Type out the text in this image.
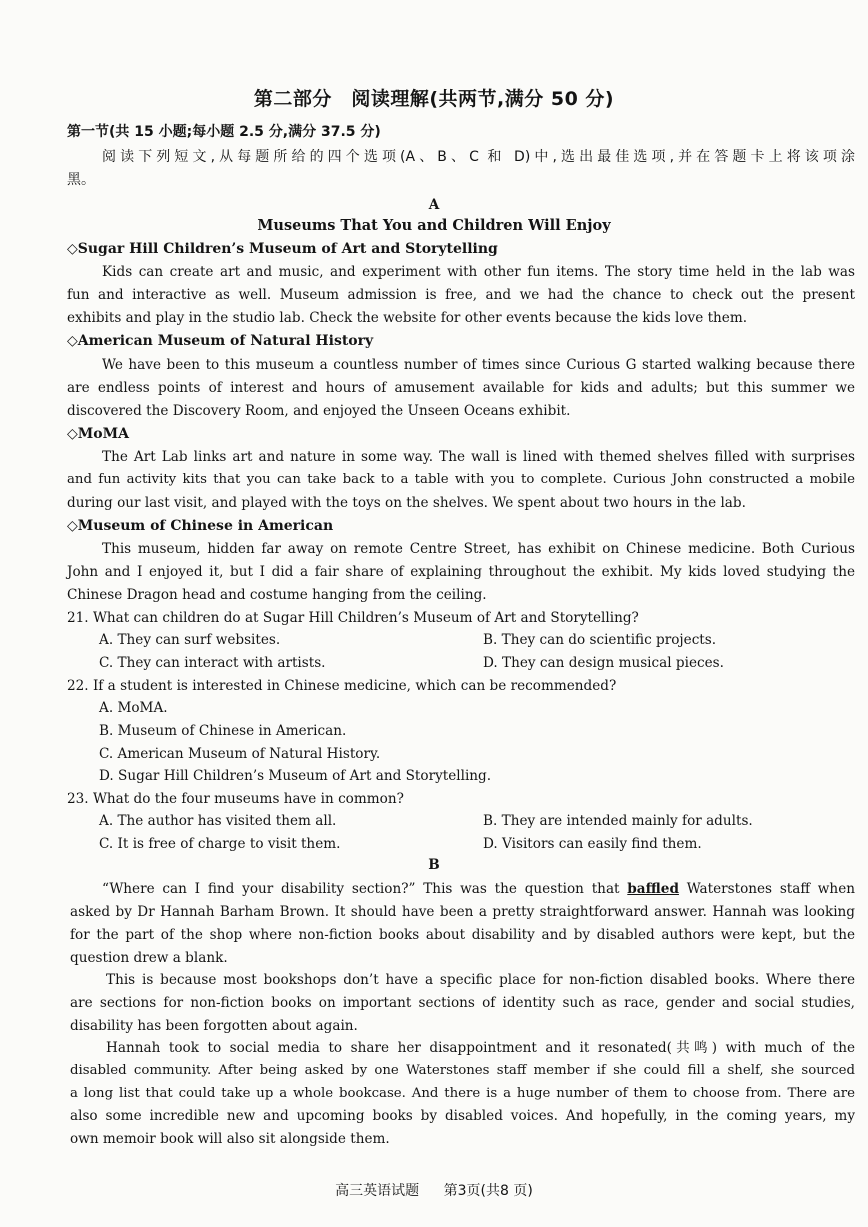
第二部分　阅读理解(共两节,满分 50 分)
第一节(共 15 小题;每小题 2.5 分,满分 37.5 分)
阅读下列短文,从每题所给的四个选项(A、B、C 和 D)中,选出最佳选项,并在答题卡上将该项涂
黑。
A
Museums That You and Children Will Enjoy
◇Sugar Hill Children’s Museum of Art and Storytelling
Kids can create art and music, and experiment with other fun items. The story time held in the lab was
fun and interactive as well. Museum admission is free, and we had the chance to check out the present
exhibits and play in the studio lab. Check the website for other events because the kids love them.
◇American Museum of Natural History
We have been to this museum a countless number of times since Curious G started walking because there
are endless points of interest and hours of amusement available for kids and adults; but this summer we
discovered the Discovery Room, and enjoyed the Unseen Oceans exhibit.
◇MoMA
The Art Lab links art and nature in some way. The wall is lined with themed shelves filled with surprises
and fun activity kits that you can take back to a table with you to complete. Curious John constructed a mobile
during our last visit, and played with the toys on the shelves. We spent about two hours in the lab.
◇Museum of Chinese in American
This museum, hidden far away on remote Centre Street, has exhibit on Chinese medicine. Both Curious
John and I enjoyed it, but I did a fair share of explaining throughout the exhibit. My kids loved studying the
Chinese Dragon head and costume hanging from the ceiling.
21. What can children do at Sugar Hill Children’s Museum of Art and Storytelling?
A. They can surf websites.	B. They can do scientific projects.
C. They can interact with artists.	D. They can design musical pieces.
22. If a student is interested in Chinese medicine, which can be recommended?
A. MoMA.
B. Museum of Chinese in American.
C. American Museum of Natural History.
D. Sugar Hill Children’s Museum of Art and Storytelling.
23. What do the four museums have in common?
A. The author has visited them all.	B. They are intended mainly for adults.
C. It is free of charge to visit them.	D. Visitors can easily find them.
B
“Where can I find your disability section?” This was the question that baffled Waterstones staff when
asked by Dr Hannah Barham Brown. It should have been a pretty straightforward answer. Hannah was looking
for the part of the shop where non-fiction books about disability and by disabled authors were kept, but the
question drew a blank.
This is because most bookshops don’t have a specific place for non-fiction disabled books. Where there
are sections for non-fiction books on important sections of identity such as race, gender and social studies,
disability has been forgotten about again.
Hannah took to social media to share her disappointment and it resonated(共鸣) with much of the
disabled community. After being asked by one Waterstones staff member if she could fill a shelf, she sourced
a long list that could take up a whole bookcase. And there is a huge number of them to choose from. There are
also some incredible new and upcoming books by disabled voices. And hopefully, in the coming years, my
own memoir book will also sit alongside them.
高三英语试题 第3页(共8 页)
